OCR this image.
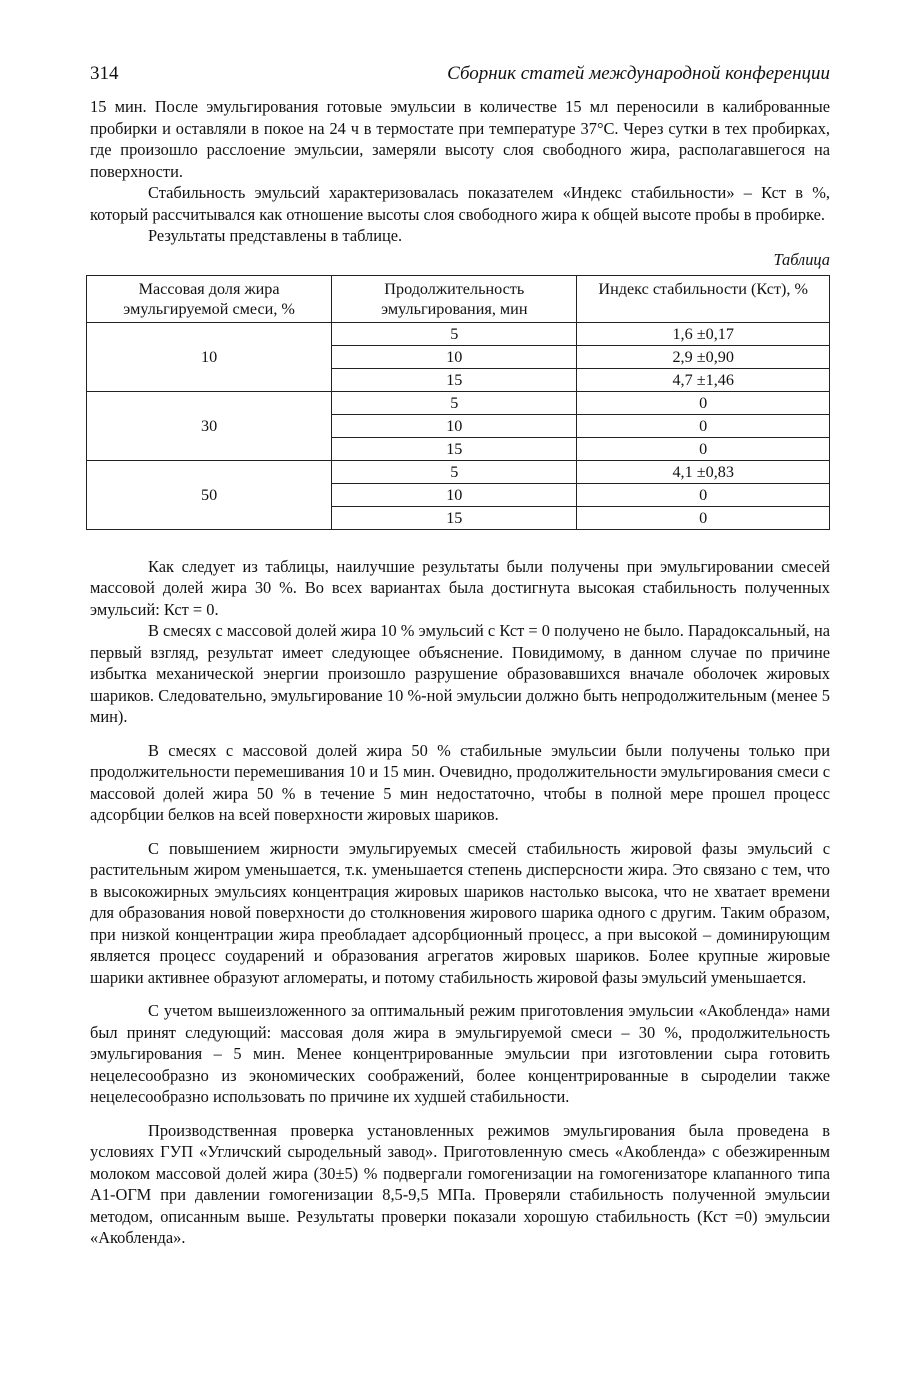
314	Сборник статей международной конференции

15 мин. После эмульгирования готовые эмульсии в количестве 15 мл переносили в калиброванные пробирки и оставляли в покое на 24 ч в термостате при температуре 37°С. Через сутки в тех пробирках, где произошло расслоение эмульсии, замеряли высоту слоя свободного жира, располагавшегося на поверхности.

Стабильность эмульсий характеризовалась показателем «Индекс стабильности» – Кст в %, который рассчитывался как отношение высоты слоя свободного жира к общей высоте пробы в пробирке.

Результаты представлены в таблице.

Таблица
Массовая доля жира эмульгируемой смеси, %	Продолжительность эмульгирования, мин	Индекс стабильности (Кст), %
10	5	1,6 ±0,17
	10	2,9 ±0,90
	15	4,7 ±1,46
30	5	0
	10	0
	15	0
50	5	4,1 ±0,83
	10	0
	15	0

Как следует из таблицы, наилучшие результаты были получены при эмульгировании смесей массовой долей жира 30 %. Во всех вариантах была достигнута высокая стабильность полученных эмульсий: Кст = 0.

В смесях с массовой долей жира 10 % эмульсий с Кст = 0 получено не было. Парадоксальный, на первый взгляд, результат имеет следующее объяснение. Повидимому, в данном случае по причине избытка механической энергии произошло разрушение образовавшихся вначале оболочек жировых шариков. Следовательно, эмульгирование 10 %-ной эмульсии должно быть непродолжительным (менее 5 мин).

В смесях с массовой долей жира 50 % стабильные эмульсии были получены только при продолжительности перемешивания 10 и 15 мин. Очевидно, продолжительности эмульгирования смеси с массовой долей жира 50 % в течение 5 мин недостаточно, чтобы в полной мере прошел процесс адсорбции белков на всей поверхности жировых шариков.

С повышением жирности эмульгируемых смесей стабильность жировой фазы эмульсий с растительным жиром уменьшается, т.к. уменьшается степень дисперсности жира. Это связано с тем, что в высокожирных эмульсиях концентрация жировых шариков настолько высока, что не хватает времени для образования новой поверхности до столкновения жирового шарика одного с другим. Таким образом, при низкой концентрации жира преобладает адсорбционный процесс, а при высокой – доминирующим является процесс соударений и образования агрегатов жировых шариков. Более крупные жировые шарики активнее образуют агломераты, и потому стабильность жировой фазы эмульсий уменьшается.

С учетом вышеизложенного за оптимальный режим приготовления эмульсии «Акобленда» нами был принят следующий: массовая доля жира в эмульгируемой смеси – 30 %, продолжительность эмульгирования – 5 мин. Менее концентрированные эмульсии при изготовлении сыра готовить нецелесообразно из экономических соображений, более концентрированные в сыроделии также нецелесообразно использовать по причине их худшей стабильности.

Производственная проверка установленных режимов эмульгирования была проведена в условиях ГУП «Угличский сыродельный завод». Приготовленную смесь «Акобленда» с обезжиренным молоком массовой долей жира (30±5) % подвергали гомогенизации на гомогенизаторе клапанного типа А1-ОГМ при давлении гомогенизации 8,5-9,5 МПа. Проверяли стабильность полученной эмульсии методом, описанным выше. Результаты проверки показали хорошую стабильность (Кст =0) эмульсии «Акобленда».
